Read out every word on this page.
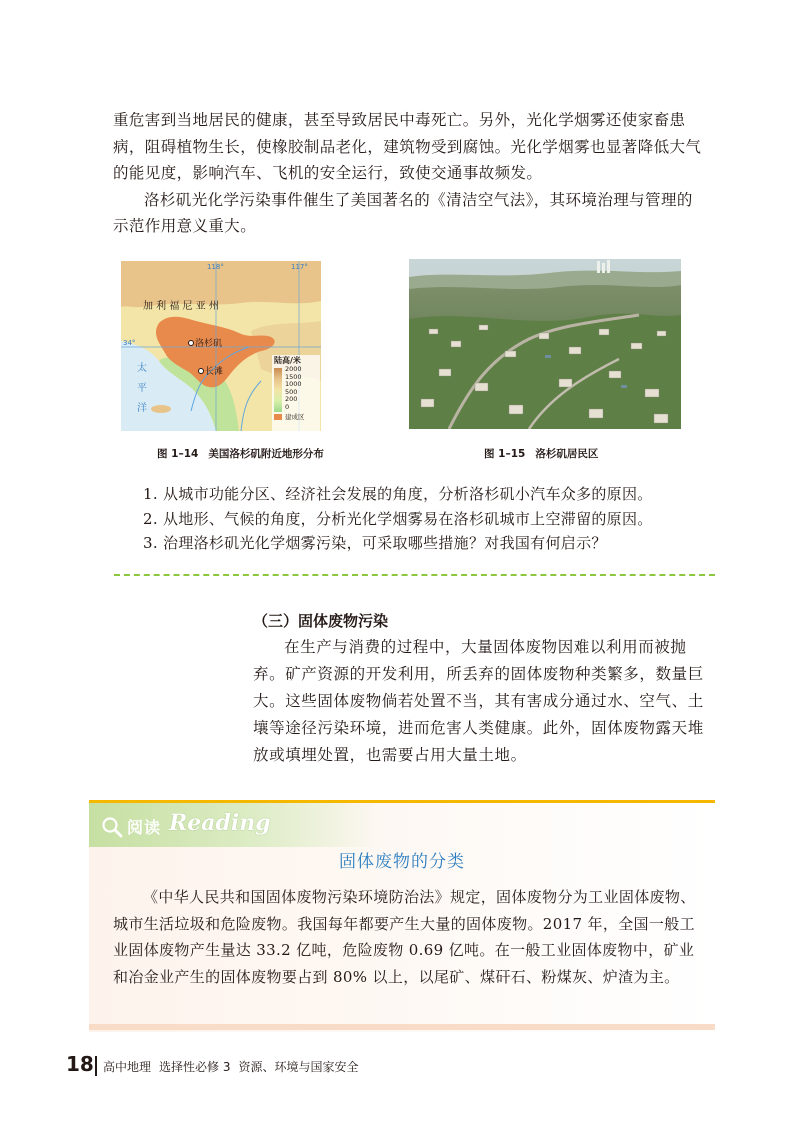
重危害到当地居民的健康，甚至导致居民中毒死亡。另外，光化学烟雾还使家畜患病，阻碍植物生长，使橡胶制品老化，建筑物受到腐蚀。光化学烟雾也显著降低大气的能见度，影响汽车、飞机的安全运行，致使交通事故频发。

洛杉矶光化学污染事件催生了美国著名的《清洁空气法》，其环境治理与管理的示范作用意义重大。

118°	117°
34°
加 利 福 尼 亚 州
洛杉矶
长滩
太
平
洋
陆高/米
2000
1500
1000
500
200
0
建成区
图 1–14 美国洛杉矶附近地形分布	图 1–15 洛杉矶居民区
1. 从城市功能分区、经济社会发展的角度，分析洛杉矶小汽车众多的原因。
2. 从地形、气候的角度，分析光化学烟雾易在洛杉矶城市上空滞留的原因。
3. 治理洛杉矶光化学烟雾污染，可采取哪些措施？对我国有何启示？

（三）固体废物污染

在生产与消费的过程中，大量固体废物因难以利用而被抛弃。矿产资源的开发利用，所丢弃的固体废物种类繁多，数量巨大。这些固体废物倘若处置不当，其有害成分通过水、空气、土壤等途径污染环境，进而危害人类健康。此外，固体废物露天堆放或填埋处置，也需要占用大量土地。

阅读 Reading
固体废物的分类

《中华人民共和国固体废物污染环境防治法》规定，固体废物分为工业固体废物、城市生活垃圾和危险废物。我国每年都要产生大量的固体废物。2017 年，全国一般工业固体废物产生量达 33.2 亿吨，危险废物 0.69 亿吨。在一般工业固体废物中，矿业和冶金业产生的固体废物要占到 80% 以上，以尾矿、煤矸石、粉煤灰、炉渣为主。

18 高中地理 选择性必修 3 资源、环境与国家安全
